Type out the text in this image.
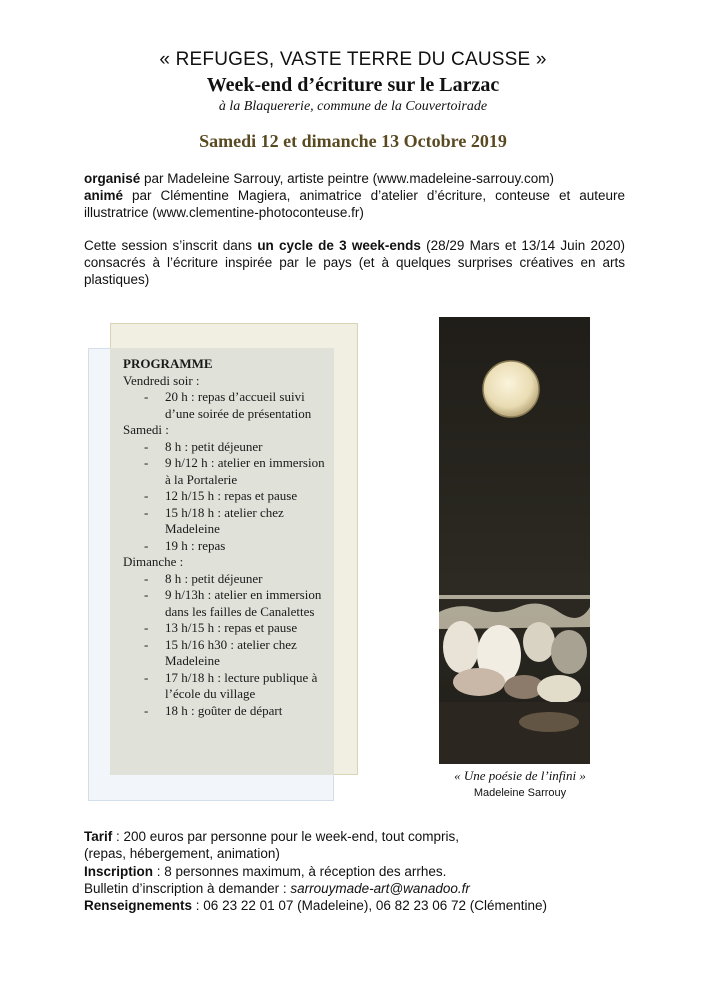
« REFUGES, VASTE TERRE DU CAUSSE »
Week-end d’écriture sur le Larzac
à la Blaquererie, commune de la Couvertoirade
Samedi 12 et dimanche 13 Octobre 2019
organisé par Madeleine Sarrouy, artiste peintre (www.madeleine-sarrouy.com)
animé par Clémentine Magiera, animatrice d’atelier d’écriture, conteuse et auteure illustratrice (www.clementine-photoconteuse.fr)
Cette session s’inscrit dans un cycle de 3 week-ends (28/29 Mars et 13/14 Juin 2020) consacrés à l’écriture inspirée par le pays (et à quelques surprises créatives en arts plastiques)
PROGRAMME
Vendredi soir :
- 20 h : repas d’accueil suivi d’une soirée de présentation
Samedi :
- 8 h : petit déjeuner
- 9 h/12 h : atelier en immersion à la Portalerie
- 12 h/15 h : repas et pause
- 15 h/18 h : atelier chez Madeleine
- 19 h : repas
Dimanche :
- 8 h : petit déjeuner
- 9 h/13h : atelier en immersion dans les failles de Canalettes
- 13 h/15 h : repas et pause
- 15 h/16 h30 : atelier chez Madeleine
- 17 h/18 h : lecture publique à l’école du village
- 18 h : goûter de départ
« Une poésie de l’infini »
Madeleine Sarrouy
Tarif : 200 euros par personne pour le week-end, tout compris,
(repas, hébergement, animation)
Inscription : 8 personnes maximum, à réception des arrhes.
Bulletin d’inscription à demander : sarrouymade-art@wanadoo.fr
Renseignements : 06 23 22 01 07 (Madeleine), 06 82 23 06 72 (Clémentine)
